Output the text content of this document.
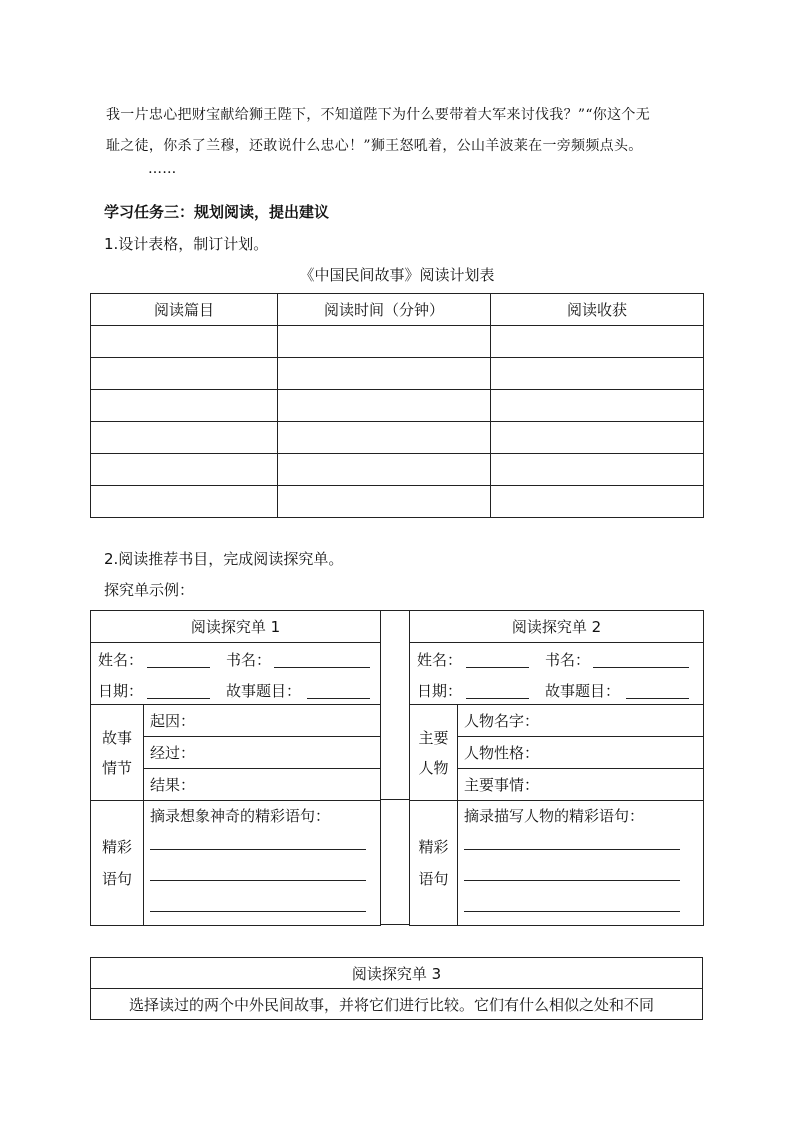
我一片忠心把财宝献给狮王陛下，不知道陛下为什么要带着大军来讨伐我？”“你这个无
耻之徒，你杀了兰穆，还敢说什么忠心！”狮王怒吼着，公山羊波莱在一旁频频点头。
……
学习任务三：规划阅读，提出建议
1.设计表格，制订计划。
《中国民间故事》阅读计划表
阅读篇目	阅读时间（分钟）	阅读收获

2.阅读推荐书目，完成阅读探究单。
探究单示例：
阅读探究单 1	

姓名： 书名：
日期： 故事题目：	

故事
情节	起因：
	经过：
	结果：
精彩
语句	摘录想象神奇的精彩语句：
阅读探究单 2	

姓名： 书名：
日期： 故事题目：	

主要
人物	人物名字：
	人物性格：
	主要事情：
精彩
语句	摘录描写人物的精彩语句：
阅读探究单 3
选择读过的两个中外民间故事，并将它们进行比较。它们有什么相似之处和不同
